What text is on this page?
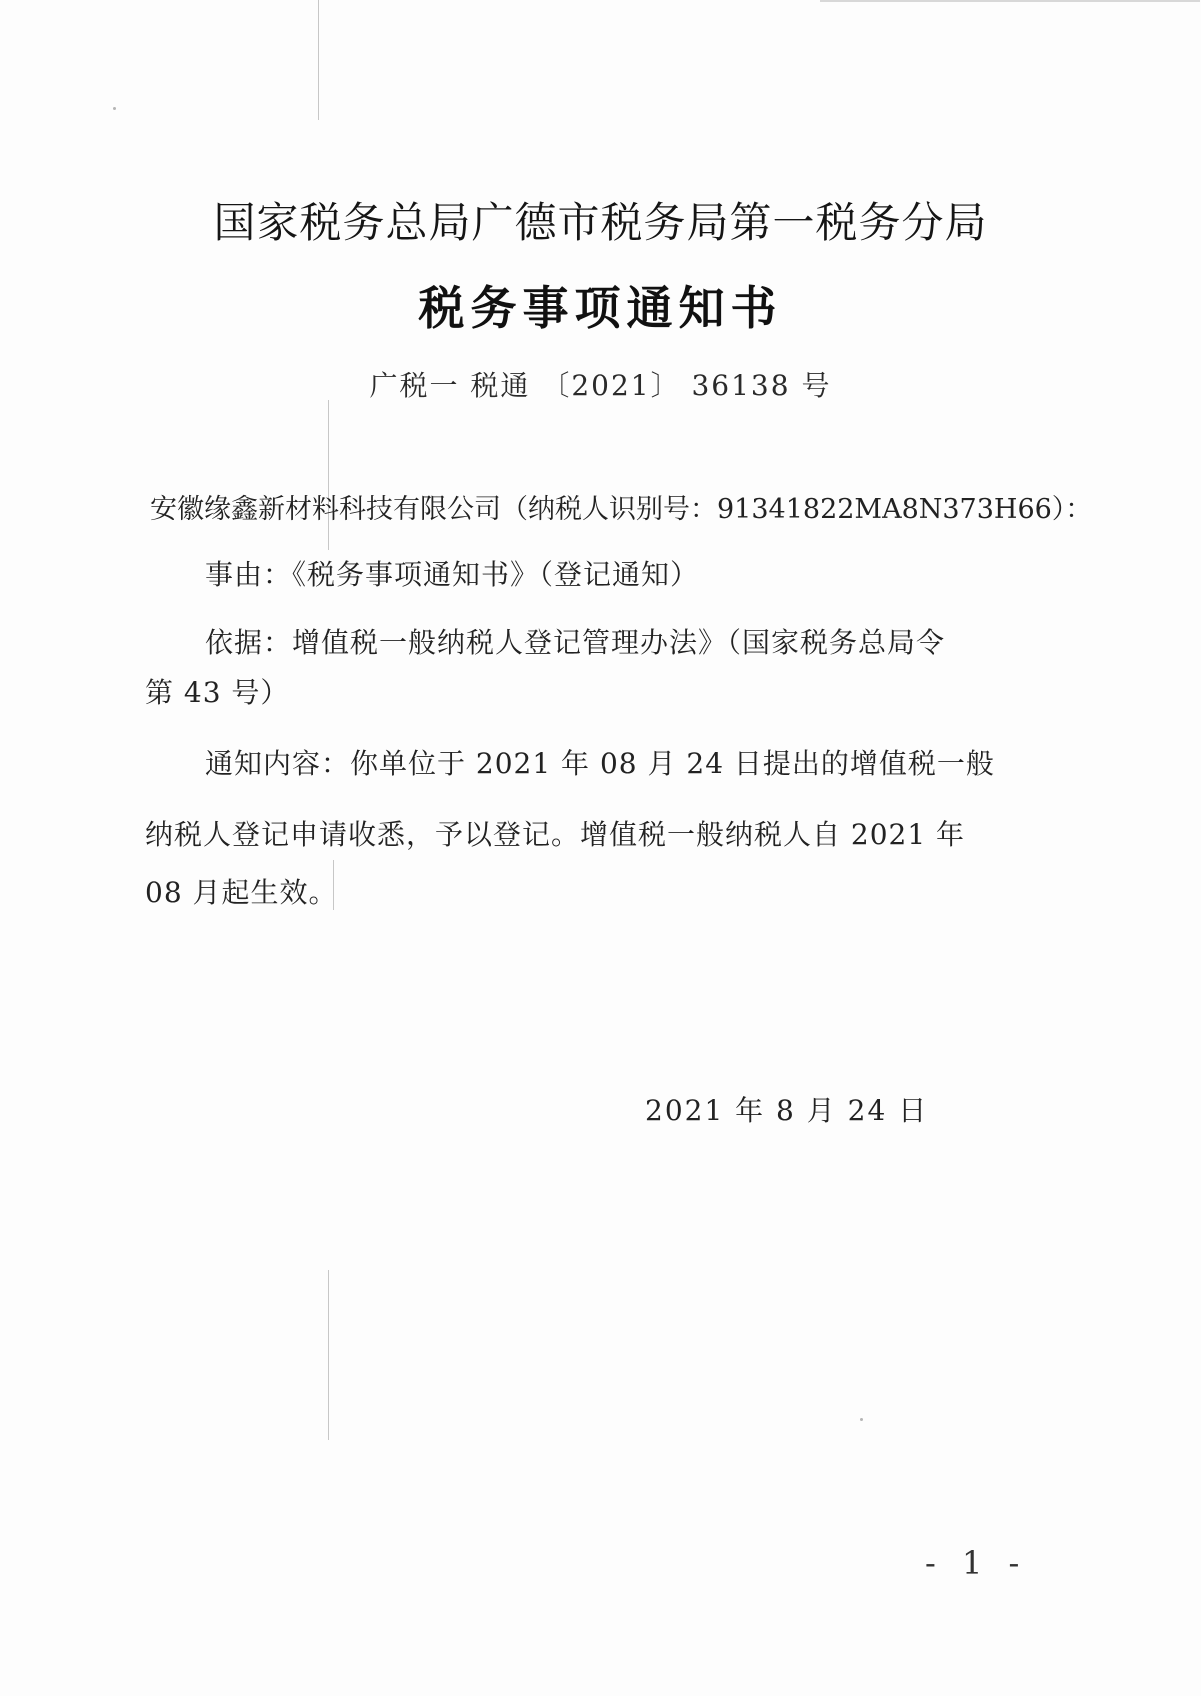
国家税务总局广德市税务局第一税务分局
税务事项通知书
广税一 税通 〔2021〕 36138 号
安徽缘鑫新材料科技有限公司（纳税人识别号：91341822MA8N373H66）：
事由：《税务事项通知书》（登记通知）
依据：增值税一般纳税人登记管理办法》（国家税务总局令
第 43 号）
通知内容：你单位于 2021 年 08 月 24 日提出的增值税一般
纳税人登记申请收悉，予以登记。增值税一般纳税人自 2021 年
08 月起生效。
2021 年 8 月 24 日
- 1 -
